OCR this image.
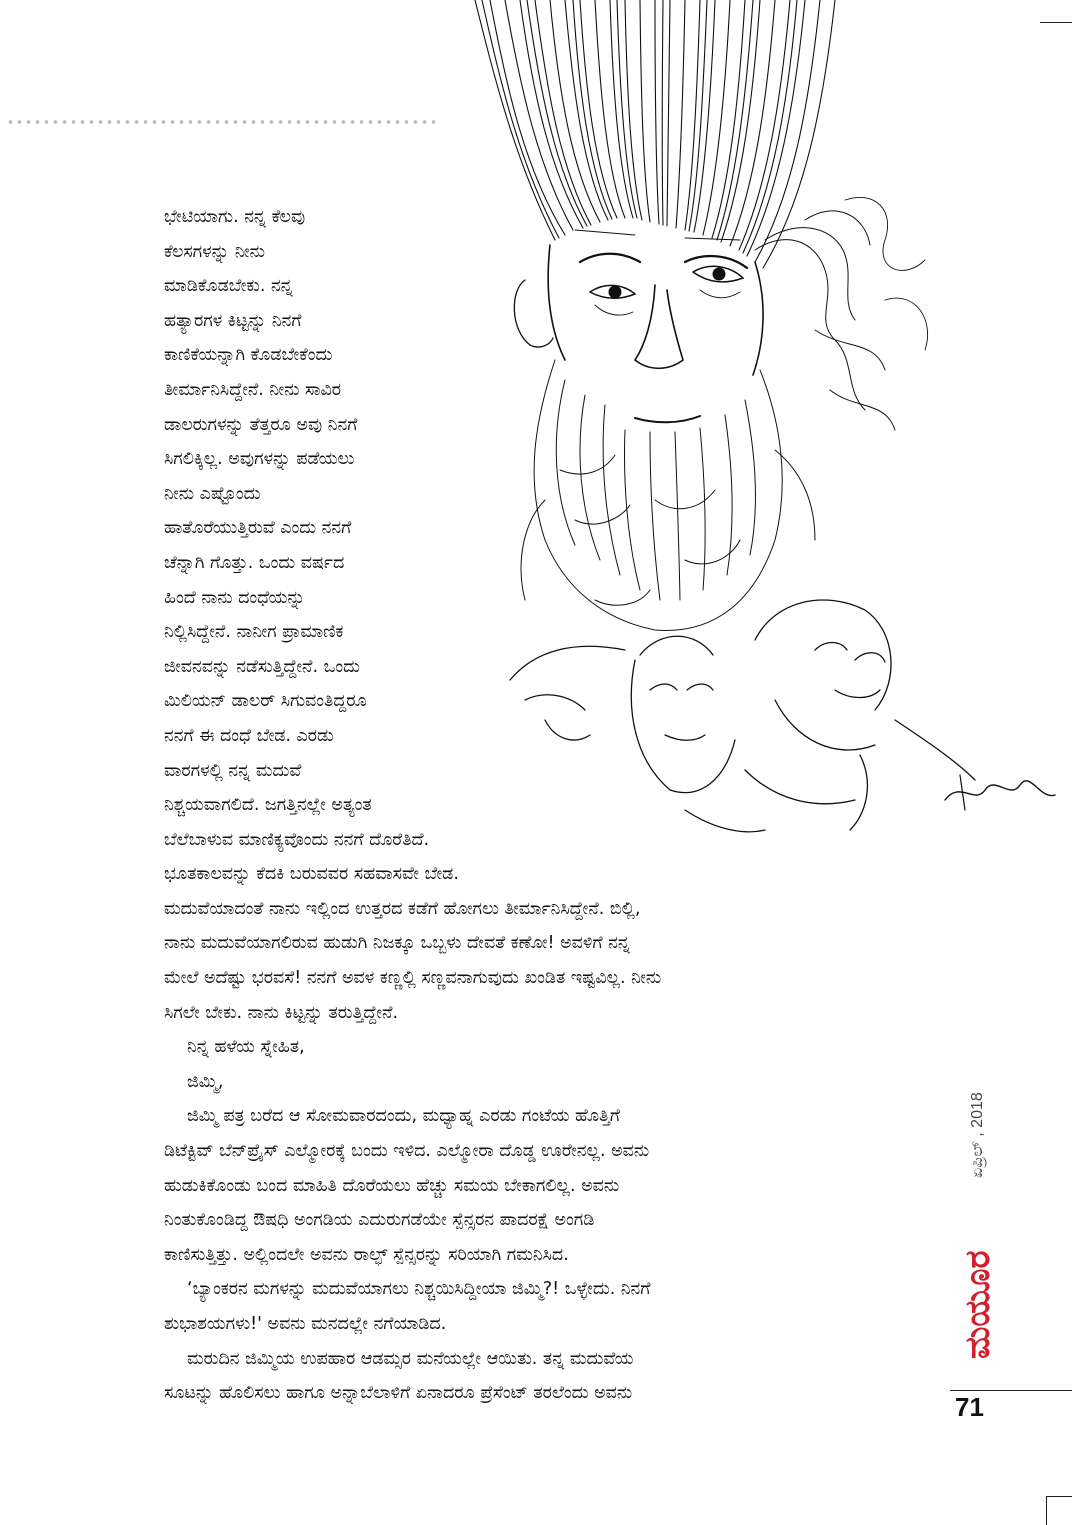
ಭೇಟಿಯಾಗು. ನನ್ನ ಕೆಲವು
ಕೆಲಸಗಳನ್ನು ನೀನು
ಮಾಡಿಕೊಡಬೇಕು. ನನ್ನ
ಹತ್ಯಾರಗಳ ಕಿಟ್ಟನ್ನು ನಿನಗೆ
ಕಾಣಿಕೆಯನ್ನಾಗಿ ಕೊಡಬೇಕೆಂದು
ತೀರ್ಮಾನಿಸಿದ್ದೇನೆ. ನೀನು ಸಾವಿರ
ಡಾಲರುಗಳನ್ನು ತೆತ್ತರೂ ಅವು ನಿನಗೆ
ಸಿಗಲಿಕ್ಕಿಲ್ಲ. ಅವುಗಳನ್ನು ಪಡೆಯಲು
ನೀನು ಎಷ್ಟೊಂದು
ಹಾತೊರೆಯುತ್ತಿರುವೆ ಎಂದು ನನಗೆ
ಚೆನ್ನಾಗಿ ಗೊತ್ತು. ಒಂದು ವರ್ಷದ
ಹಿಂದೆ ನಾನು ದಂಧೆಯನ್ನು
ನಿಲ್ಲಿಸಿದ್ದೇನೆ. ನಾನೀಗ ಪ್ರಾಮಾಣಿಕ
ಜೀವನವನ್ನು ನಡೆಸುತ್ತಿದ್ದೇನೆ. ಒಂದು
ಮಿಲಿಯನ್ ಡಾಲರ್ ಸಿಗುವಂತಿದ್ದರೂ
ನನಗೆ ಈ ದಂಧೆ ಬೇಡ. ಎರಡು
ವಾರಗಳಲ್ಲಿ ನನ್ನ ಮದುವೆ
ನಿಶ್ಚಯವಾಗಲಿದೆ. ಜಗತ್ತಿನಲ್ಲೇ ಅತ್ಯಂತ
ಬೆಲೆಬಾಳುವ ಮಾಣಿಕ್ಯವೊಂದು ನನಗೆ ದೊರೆತಿದೆ.
ಭೂತಕಾಲವನ್ನು ಕೆದಕಿ ಬರುವವರ ಸಹವಾಸವೇ ಬೇಡ.
ಮದುವೆಯಾದಂತೆ ನಾನು ಇಲ್ಲಿಂದ ಉತ್ತರದ ಕಡೆಗೆ ಹೋಗಲು ತೀರ್ಮಾನಿಸಿದ್ದೇನೆ. ಬಿಲ್ಲಿ,
ನಾನು ಮದುವೆಯಾಗಲಿರುವ ಹುಡುಗಿ ನಿಜಕ್ಕೂ ಒಬ್ಬಳು ದೇವತೆ ಕಣೋ! ಅವಳಿಗೆ ನನ್ನ
ಮೇಲೆ ಅದೆಷ್ಟು ಭರವಸೆ! ನನಗೆ ಅವಳ ಕಣ್ಣಲ್ಲಿ ಸಣ್ಣವನಾಗುವುದು ಖಂಡಿತ ಇಷ್ಟವಿಲ್ಲ. ನೀನು
ಸಿಗಲೇ ಬೇಕು. ನಾನು ಕಿಟ್ಟನ್ನು ತರುತ್ತಿದ್ದೇನೆ.
ನಿನ್ನ ಹಳೆಯ ಸ್ನೇಹಿತ,
ಜಿಮ್ಮಿ,
ಜಿಮ್ಮಿ ಪತ್ರ ಬರೆದ ಆ ಸೋಮವಾರದಂದು, ಮಧ್ಯಾಹ್ನ ಎರಡು ಗಂಟೆಯ ಹೊತ್ತಿಗೆ
ಡಿಟೆಕ್ಟಿವ್ ಬೆನ್‌ಪ್ರೈಸ್ ಎಲ್ಮೋರಕ್ಕೆ ಬಂದು ಇಳಿದ. ಎಲ್ಮೋರಾ ದೊಡ್ಡ ಊರೇನಲ್ಲ. ಅವನು
ಹುಡುಕಿಕೊಂಡು ಬಂದ ಮಾಹಿತಿ ದೊರೆಯಲು ಹೆಚ್ಚು ಸಮಯ ಬೇಕಾಗಲಿಲ್ಲ. ಅವನು
ನಿಂತುಕೊಂಡಿದ್ದ ಔಷಧಿ ಅಂಗಡಿಯ ಎದುರುಗಡೆಯೇ ಸ್ಪೆನ್ಸರನ ಪಾದರಕ್ಷೆ ಅಂಗಡಿ
ಕಾಣಿಸುತ್ತಿತ್ತು. ಅಲ್ಲಿಂದಲೇ ಅವನು ರಾಲ್ಫ್ ಸ್ಪೆನ್ಸರನ್ನು ಸರಿಯಾಗಿ ಗಮನಿಸಿದ.
‘ಬ್ಯಾಂಕರನ ಮಗಳನ್ನು ಮದುವೆಯಾಗಲು ನಿಶ್ಚಯಿಸಿದ್ದೀಯಾ ಜಿಮ್ಮಿ?! ಒಳ್ಳೇದು. ನಿನಗೆ
ಶುಭಾಶಯಗಳು!' ಅವನು ಮನದಲ್ಲೇ ನಗೆಯಾಡಿದ.
ಮರುದಿನ ಜಿಮ್ಮಿಯ ಉಪಹಾರ ಆಡಮ್ಸರ ಮನೆಯಲ್ಲೇ ಆಯಿತು. ತನ್ನ ಮದುವೆಯ
ಸೂಟನ್ನು ಹೊಲಿಸಲು ಹಾಗೂ ಅನ್ನಾಬೆಲಾಳಿಗೆ ಏನಾದರೂ ಪ್ರೆಸೆಂಟ್ ತರಲೆಂದು ಅವನು
ಏಪ್ರಿಲ್ , 2018
ಮಯೂರ
71
